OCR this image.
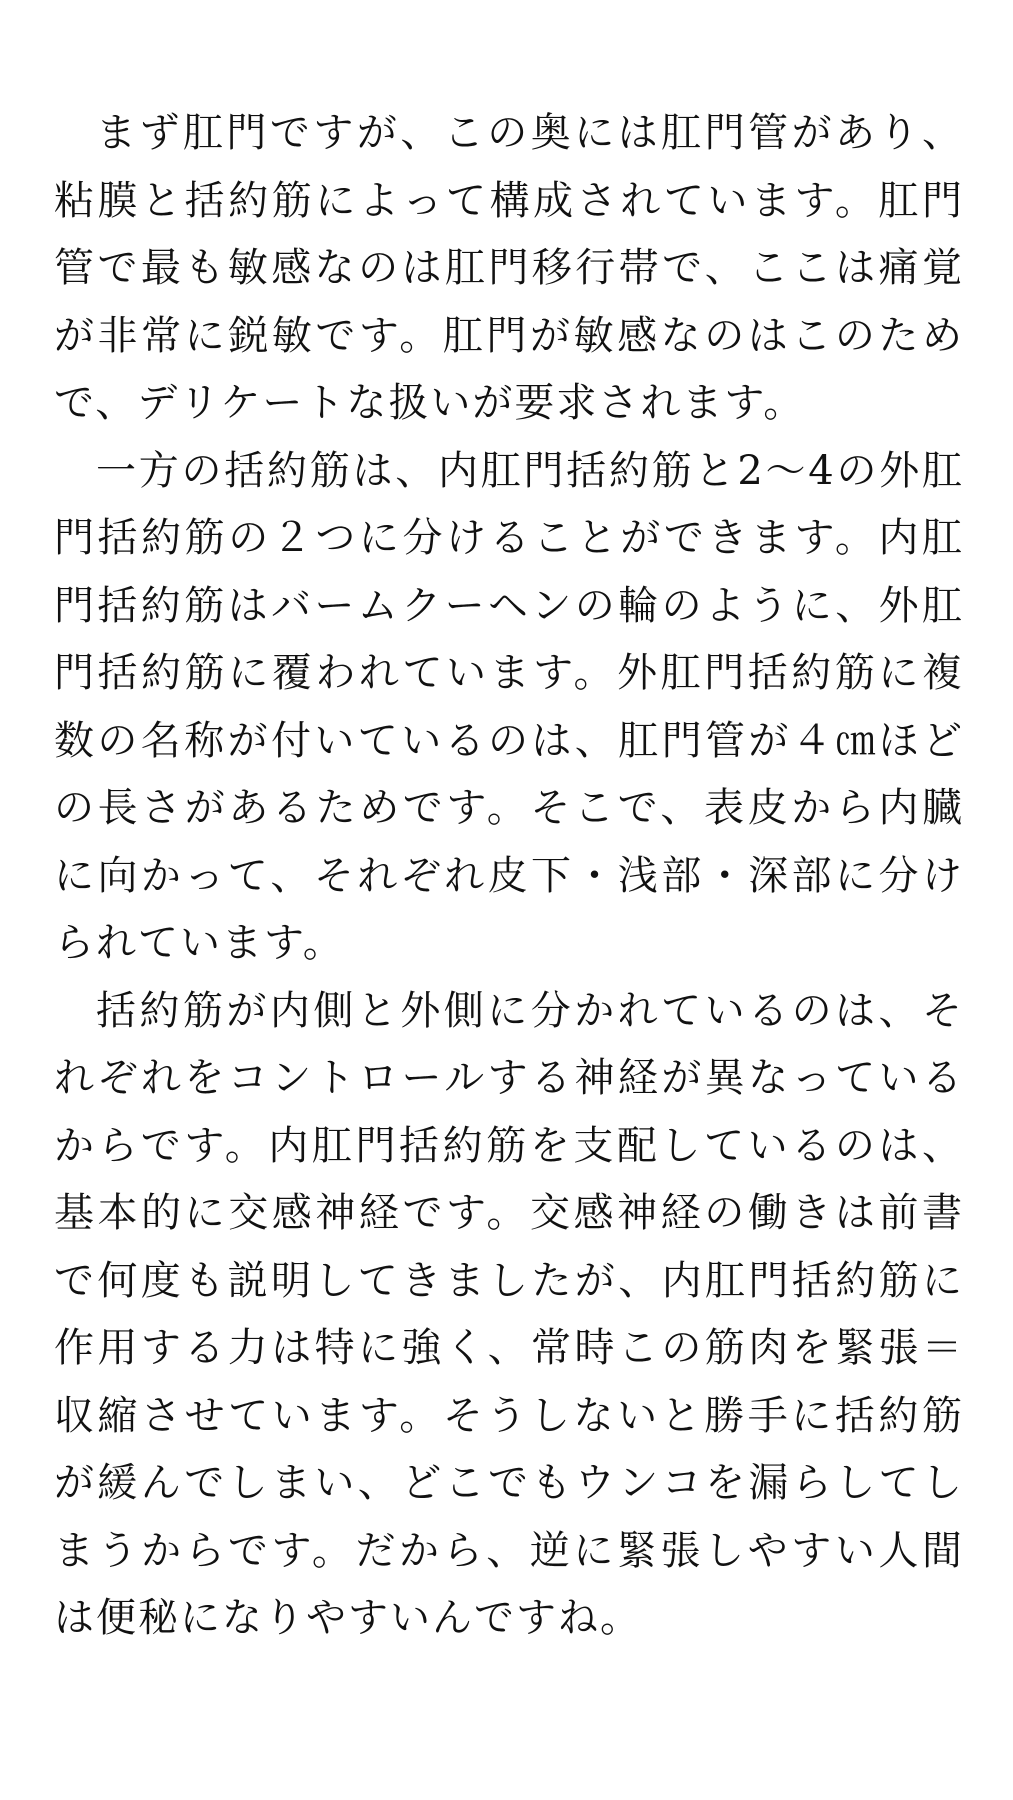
まず肛門ですが、この奥には肛門管があり、粘膜と括約筋によって構成されています。肛門管で最も敏感なのは肛門移行帯で、ここは痛覚が非常に鋭敏です。肛門が敏感なのはこのためで、デリケートな扱いが要求されます。

一方の括約筋は、内肛門括約筋と2〜4の外肛門括約筋の２つに分けることができます。内肛門括約筋はバームクーヘンの輪のように、外肛門括約筋に覆われています。外肛門括約筋に複数の名称が付いているのは、肛門管が４㎝ほどの長さがあるためです。そこで、表皮から内臓に向かって、それぞれ皮下・浅部・深部に分けられています。

括約筋が内側と外側に分かれているのは、それぞれをコントロールする神経が異なっているからです。内肛門括約筋を支配しているのは、基本的に交感神経です。交感神経の働きは前書で何度も説明してきましたが、内肛門括約筋に作用する力は特に強く、常時この筋肉を緊張＝収縮させています。そうしないと勝手に括約筋が緩んでしまい、どこでもウンコを漏らしてしまうからです。だから、逆に緊張しやすい人間は便秘になりやすいんですね。
